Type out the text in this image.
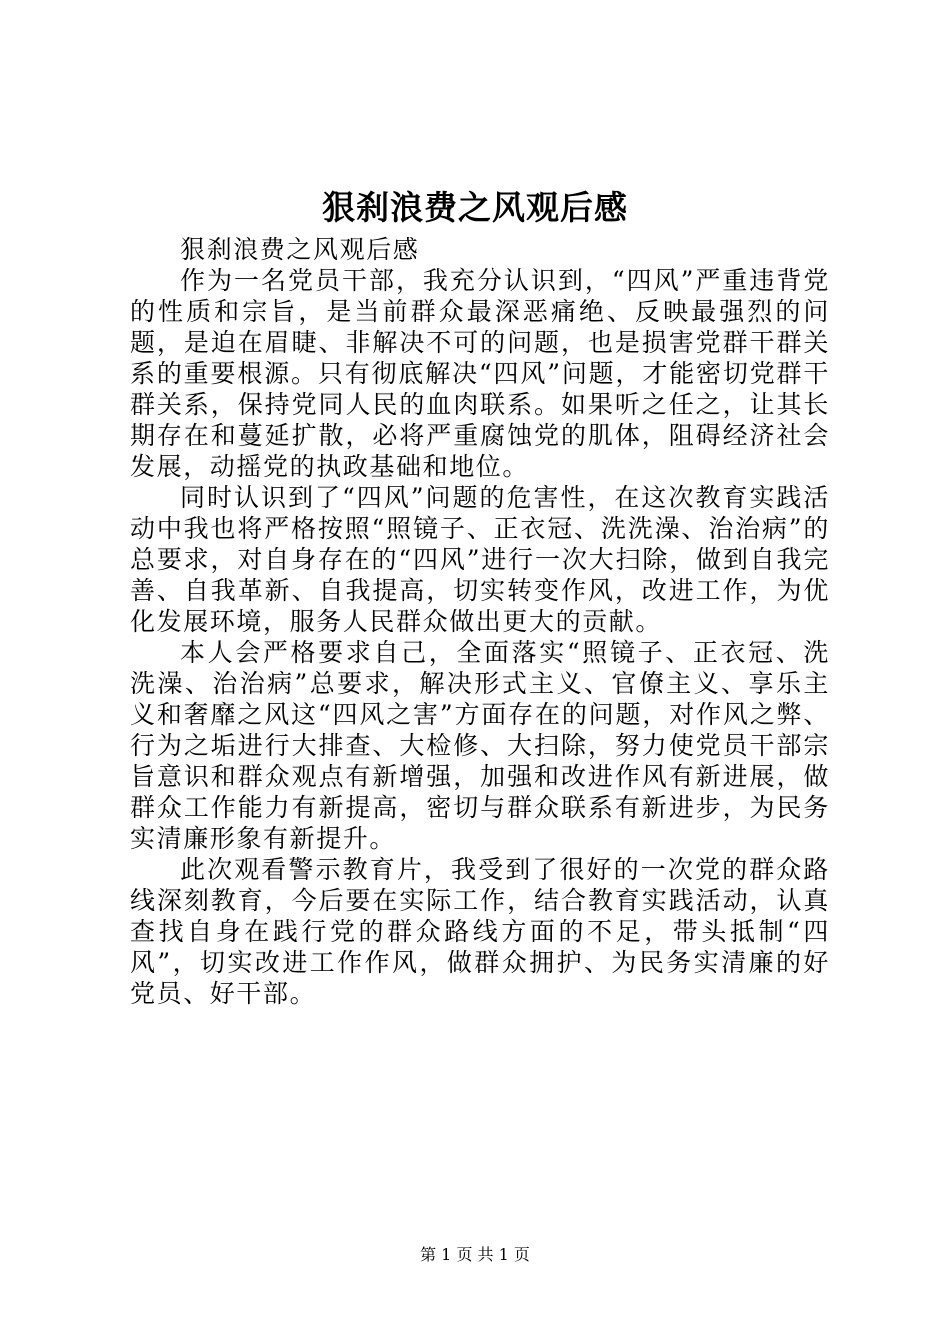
狠刹浪费之风观后感

狠刹浪费之风观后感

作为一名党员干部，我充分认识到，“四风”严重违背党的性质和宗旨，是当前群众最深恶痛绝、反映最强烈的问题，是迫在眉睫、非解决不可的问题，也是损害党群干群关系的重要根源。只有彻底解决“四风”问题，才能密切党群干群关系，保持党同人民的血肉联系。如果听之任之，让其长期存在和蔓延扩散，必将严重腐蚀党的肌体，阻碍经济社会发展，动摇党的执政基础和地位。

同时认识到了“四风”问题的危害性，在这次教育实践活动中我也将严格按照“照镜子、正衣冠、洗洗澡、治治病”的总要求，对自身存在的“四风”进行一次大扫除，做到自我完善、自我革新、自我提高，切实转变作风，改进工作，为优化发展环境，服务人民群众做出更大的贡献。

本人会严格要求自己，全面落实“照镜子、正衣冠、洗洗澡、治治病”总要求，解决形式主义、官僚主义、享乐主义和奢靡之风这“四风之害”方面存在的问题，对作风之弊、行为之垢进行大排查、大检修、大扫除，努力使党员干部宗旨意识和群众观点有新增强，加强和改进作风有新进展，做群众工作能力有新提高，密切与群众联系有新进步，为民务实清廉形象有新提升。

此次观看警示教育片，我受到了很好的一次党的群众路线深刻教育，今后要在实际工作，结合教育实践活动，认真查找自身在践行党的群众路线方面的不足，带头抵制“四风”，切实改进工作作风，做群众拥护、为民务实清廉的好党员、好干部。

第 1 页 共 1 页
